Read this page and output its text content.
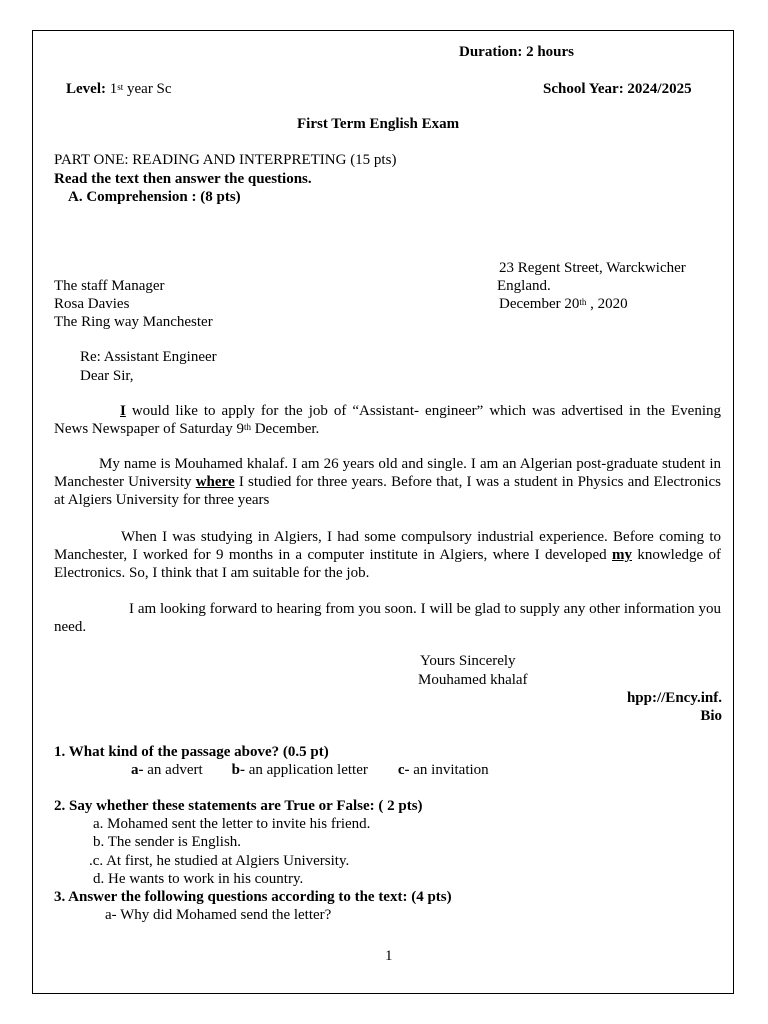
Duration: 2 hours
Level: 1st year Sc	School Year: 2024/2025
First Term English Exam
PART ONE: READING AND INTERPRETING (15 pts)
Read the text then answer the questions.
A. Comprehension : (8 pts)
23 Regent Street, Warckwicher
England.
December 20th , 2020
The staff Manager
Rosa Davies
The Ring way Manchester
Re: Assistant Engineer
Dear Sir,
I would like to apply for the job of “Assistant- engineer” which was advertised in the Evening News Newspaper of Saturday 9th December.
My name is Mouhamed khalaf. I am 26 years old and single. I am an Algerian post-graduate student in Manchester University where I studied for three years. Before that, I was a student in Physics and Electronics at Algiers University for three years
When I was studying in Algiers, I had some compulsory industrial experience. Before coming to Manchester, I worked for 9 months in a computer institute in Algiers, where I developed my knowledge of Electronics. So, I think that I am suitable for the job.
I am looking forward to hearing from you soon. I will be glad to supply any other information you need.
Yours Sincerely
Mouhamed khalaf
hpp://Ency.inf.
Bio
1. What kind of the passage above? (0.5 pt)
a- an advert b- an application letter c- an invitation
2. Say whether these statements are True or False: ( 2 pts)
a. Mohamed sent the letter to invite his friend.
b. The sender is English.
.c. At first, he studied at Algiers University.
d. He wants to work in his country.
3. Answer the following questions according to the text: (4 pts)
a- Why did Mohamed send the letter?
1
